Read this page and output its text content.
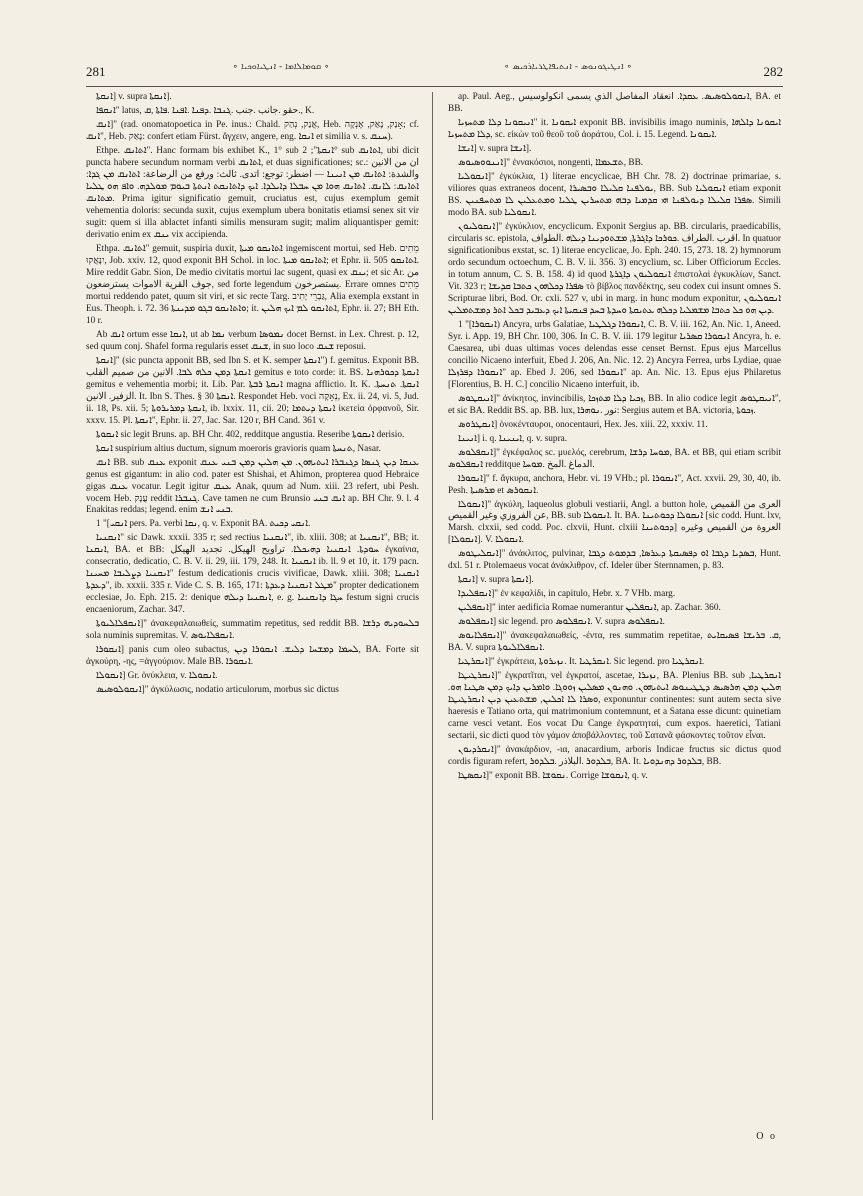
281	∘ ܩܘܡܐܠܐܡܐ - ܐܢܛܝܐܘܟܝܐ ∘	∘ ܐܢܛܝܓܘܢܘܣ - ܐܢܬܝܦܐܛܪܝܐܪܟܝܣ ∘	282

ܐܢܩܬܐ] v. supra ܐܢܩܬܐ].

ܐܢܩܦܐ" latus, حقو .جانب .جنب .ܓܢܒܐ .ܕܦܢܐ .ܐܦܢܐ .ܦܐܬܐ ,ܩ., K.

ܐܢܩ]" (rad. onomatopoetica in Pe. inus.: Chald. אֲנַק, נְהַק, Heb. אָנַק, נָאַק, אֶנְקָה; cf. ܐܢܩ", Heb. נָאַק: confert etiam Fürst. ἄγχειν, angere, eng. ܐܢܩܐ et similia v. s. ܚܢܩ).

Ethpe. ܐܬܐܢܩ". Hanc formam bis exhibet K., 1° sub ܐܢܩܬܐ"; 2° sub ܐܬܐܢܩ, ubi dicit puncta habere secundum normam verbi ܐܬܐܢܩ, et duas significationes; sc.: ان من الانين والشدة: ܐܬܐܢܩ ܡܢ ܐܢܝܢܐ — اضطر: توجع: اتدى. ثالث: ورفع من الرضاعة: ܐܬܐܢܩ ܡܢ ܓܕܐ: ܐܬܐܢܩ: ܠܐܢܩ. ܐܬܐܢܩ ܗܘܐ ܡܢ ܚܒܠܐ ܕܐܝܠܕܐ. ܐܝܟ ܕܐܬܐܢܩܬ ܐܢܬܬܐ ܒܝܘܡ ܡܘܠܕܗ. ܘܐܦ ܗܘ ܛܠܝܐ ܡܬܐܢܩ. Prima igitur significatio gemuit, cruciatus est, cujus exemplum gemit vehementia doloris: secunda suxit, cujus exemplum ubera bonitatis etiamsi senex sit vir sugit: quem si illa ablactet infanti similis mensuram sugit; malim aliquantisper gemit: derivatio enim ex ܝܢܩ vix accipienda.

Ethpa. ܐܬܐܢܩ" gemuit, suspiria duxit, ܐܬܐܢܩܘ ܡܝܬܐ ingemiscent mortui, sed Heb. מֵתִים יִנָּאֲקוּ, Job. xxiv. 12, quod exponit BH Schol. in loc. ܐܬܐܢܩܘ ܡܝܬܐ; et Ephr. ii. 505 ܐܬܐܢܩܘ. Mire reddit Gabr. Sion, De medio civitatis mortui lac sugent, quasi ex ܝܢܩ; et sic Ar. من جوف القرية الاموات يسترضعون, sed forte legendum يستصرخون. Errare omnes מֵתִים mortui reddendo patet, quum sit viri, et sic recte Targ. גַּבְרֵי יָתִיב, Alia exempla exstant in Eus. Theoph. i. 72. 36 ܘܐܬܐܢܩܘ ܒܓܘ ܡܕܝܢܬܐ; it. ܐܬܐܢܩܘ ܠܡ ܐܝܟ ܗܠܝܢ, Ephr. ii. 27; BH Eth. 10 r.

Ab ܐܢܩ ortum esse ܐܢܩܐ, ut ab ܢܡܐ verbum ܢܡܘܣܐ docet Bernst. in Lex. Chrest. p. 12, sed quum conj. Shafel forma regularis esset ܫܢܩ, in suo loco ܫܢܩ reposui.

ܐܢܩܬܐ]" (sic puncta apponit BB, sed Ibn S. et K. semper ܐܢܩܬܐ") f. gemitus. Exponit BB. ܐܢܩܬܐ ܕܡܢ ܟܠܗ ܠܒܐ. الانين من صميم القلب gemitus e toto corde: it. BS. ܐܢܩܬܐ ܕܟܘܪܗܢܐ gemitus e vehementia morbi; it. Lib. Par. ܐܢܩܬܐ ܪܒܬܐ magna afflictio. It. K. ܐܢܩܬܐ. ܬܢܚܬܐ. الزفير. الانين. It. Ibn S. Thes. § 30 ܐܢܩܬܐ. Respondet Heb. voci נְאָקָה, Ex. ii. 24, vi. 5, Jud. ii. 18, Ps. xii. 5; ܐܢܩܬܐ ܕܡܪܝܪܘܬܐ, ib. lxxix. 11, cii. 20; ܐܢܩܬܐ ܕܝܬܡܐ ἱκετεία ὀρφανοῦ, Sir. xxxv. 15. Pl. ܐܢܩܬܐ", Ephr. ii. 27, Jac. Sar. 120 r, BH Cand. 361 v.

ܐܢܩܘܬܐ sic legit Bruns. ap. BH Chr. 402, redditque angustia. Reseribe ܐܢܩܘܬܐ derisio.

ܐܢܩܬܐ suspirium altius ductum, signum moeroris gravioris quam ܬܢܚܬܐ, Nasar.

ܐܢܩ BB. sub ܥܢܩ exponit ܥܢܩܐ ܕܝܢ ܓܢܣܐ ܕܓܢܒܪܐ ܐܝܬܝܗܘܢ. ܡܢ ܗܠܝܢ ܕܡܢ ܒܢܝ ܥܢܩ genus est gigantum: in alio cod. pater est Shishai, et Ahimon, propterea quod Hebraice gigas ܥܢܩ vocatur. Legit igitur ܥܢܩ Anak, quum ad Num. xiii. 23 refert, ubi Pesh. vocem Heb. עֲנָק reddit ܓܢܒܪܐ. Cave tamen ne cum Brunsio ܐܢܩ ܒܢܝ ap. BH Chr. 9. l. 4 Enakitas reddas; legend. enim ܒܢܝ ܐܢܫ.

ܐܢܩܝ]" 1 pers. Pa. verbi ܢܩܐ, q. v. Exponit BA. ܐܢܩܝ ܕܟܝܬ.

ܐܢܩܢܝܐ" sic Dawk. xxxii. 335 r; sed rectius ܐܢܩܢܝܐ", ib. xliii. 308; at ܐܢܩܢܝܐ", BB; it. ܐܢܩܢܐ, BA. et BB: ܚܘܕܬܐ. ܐܢܩܢܝܐ ܕܗܝܟܠܐ. تراويح الهيكل. تجديد الهيكل ἐγκαίνια, consecratio, dedicatio, C. B. V. ii. 29, iii. 179, 248. It. ܐܢܩܢܝܐ ib. ll. 9 et 10, it. 179 pacn. ܐܢܩܢܝܐ ܕܨܠܝܒܐ ܡܚܝܢܐ" festum dedicationis crucis vivificae, Dawk. xliii. 308; ܐܢܩܢܝܐ ܕܥܕܬܐ", ib. xxxii. 335 r. Vide C. S. B. 165, 171: ܡܛܠ ܐܢܩܢܝܐ ܕܥܕܬܐ" propter dedicationem ecclesiae, Jo. Eph. 215. 2: denique ܐܢܩܢܝܐ ܕܝܠܗ, e. g. ܚܓܐ ܕܐܢܩܢܝܐ festum signi crucis encaeniorum, Zachar. 347.

ܐܢܩܦܠܐܠܝܘܬܐ]" ἀνακεφαλαιωθείς, summatim repetitus, sed reddit BB. ܒܠܚܘܕܝܗ ܕܪܫܐ sola numinis supremitas. V. ܐܢܩܦܠܐܝܘܣ.

ܐܢܩܘܪܐ] panis cum oleo subactus, ܠܚܡܐ ܕܡܫܚܐ ܕܠܝܫ. ܐܢܩܘܪܐ ܕܝܢ, BA. Forte sit ἀγκούρη, -ης, =ἀγγούριον. Male BB. ܐܢܩܘܪܐ.

ܐܢܩܘܠܐ] Gr. ὀνύκλεια, v. ܐܢܩܘܠܐ.

ܐܢܩܘܠܘܣܝܣ]" ἀγκύλωσις, nodatio articulorum, morbus sic dictus

ap. Paul. Aeg., ܐܢܩܘܠܘܣܝܣ. ܥܩܕܐ. انعقاد المفاصل الذي يسمى انكولوسيس, BA. et BB.

ܐܢܝܩܘܢܐ ܕܠܐ ܡܬܚܙܝܐ" it. ܐܝܩܘܢܐ exponit BB. invisibilis imago numinis, ܐܝܩܘܢܐ ܕܐܠܗܐ ܕܠܐ ܡܬܚܙܝܐ, sc. εἰκὼν τοῦ θεοῦ τοῦ ἀοράτου, Col. i. 15. Legend. ܐܝܩܘܢܐ.

ܐܢܫܐ] v. supra ܐܢܫܐ].

ܐܢܢܘܘܣܝܘܣ]" ἐννακόσιοι, nongenti, ܬܫܥܡܐܐ, BB.

ܐܢܩܘܠܝܐ]" ἐγκύκλια, 1) literae encyclicae, BH Chr. 78. 2) doctrinae primariae, s. viliores quas extraneos docent, ܝܘܠܦܢܐ ܩܠܝܠܐ ܘܒܣܝܪܐ, BB. Sub ܐܢܩܘܠܝܐ etiam exponit BS. ܣܦܪܐ ܩܠܝܠܐ ܕܝܘܠܦܢܐ ܗܝ ܩܕܡܝܐ ܕܒܗ ܡܬܚܪܝܢ ܛܠܝܐ ܘܡܬܥܠܝܢ ܠܐ ܡܬܚܦܢܝܢ. Simili modo BA. sub ܐܢܩܘܠܝܐ.

ܐܢܩܘܠܝܘܢ]" ἐγκύκλιον, encyclicum. Exponit Sergius ap. BB. circularis, praedicabilis, circularis sc. epistola, اقرب .الطراف .ܟܘܪܟܐ ܕܐܓܪܬܐ, ܡܫܬܘܕܝܢܐ ܕܝܠܗ .الطواف. In quatuor significationibus exstat, sc. 1) literae encyclicae, Jo. Eph. 240. 15, 273. 18. 2) hymnorum ordo secundum octoechum, C. B. V. ii. 356. 3) encyclium, sc. Liber Officiorum Eccles. in totum annum, C. S. B. 158. 4) id quod ܐܢܩܘܠܝܘܢ ܕܐܓܪܬܐ ἐπιστολαὶ ἐγκυκλίων, Sanct. Vit. 323 r; ܣܦܪܐ ܕܟܠܗܘܢ ܟܬܒܐ ܩܕܝܫܐ τὸ βίβλος πανδέκτης, seu codex cui insunt omnes S. Scripturae libri, Bod. Or. cxli. 527 v, ubi in marg. in hunc modum exponitur, ܐܢܩܘܠܝܘܢ ܕܝܢ ܗܘ ܟܠ ܟܬܒܐ ܡܫܡܠܝܐ ܕܟܠܗ ܥܬܝܩܬܐ ܘܚܕܬܐ ܒܚܕ ܦܢܩܝܬܐ ܐܝܟ ܕܥܒܝܕ ܒܟܠ ܐܬܪ ܕܡܫܬܡܠܝܢ.

ܐܢܩܘܪܐ]" 1) Ancyra, urbs Galatiae, ܐܢܩܘܪܐ ܕܓܠܛܝܐ, C. B. V. iii. 162, An. Nic. 1, Aneed. Syr. i. App. 19, BH Chr. 100, 306. In C. B. V. iii. 179 legitur ܐܢܩܘܪܐ ܩܣܪܝܐ Ancyra, h. e. Caesarea, ubi duas ultimas voces delendas esse censet Bernst. Epus ejus Marcellus concilio Nicaeno interfuit, Ebed J. 206, An. Nic. 12. 2) Ancyra Ferrea, urbs Lydiae, quae ܐܢܩܘܪܐ ܕܦܪܙܠܐ" ap. Ebed J. 206, sed ܐܢܩܘܪܐ" ap. An. Nic. 13. Epus ejus Philaretus [Florentius, B. H. C.] concilio Nicaeno interfuit, ib.

ܐܢܝܩܛܘܣ]" ἀνίκητος, invincibilis, ܙܟܝܐ ܕܠܐ ܡܬܙܟܐ, BB. In alio codice legit ܐܢܝܩܛܘܣ", et sic BA. Reddit BS. ap. BB. lux, نور .ܢܘܗܪܐ: Sergius autem et BA. victoria, ܙܟܘܬܐ.

ܐܢܩܛܪܘܣ] ὀνοκένταυροι, onocentauri, Hex. Jes. xiii. 22, xxxiv. 11.

ܐܢܝܢܐ] i. q. ܐܝܢܝܢܐ, q. v. supra.

ܐܢܩܦܠܘܣ]" ἐγκέφαλος sc. μυελός, cerebrum, ܡܘܚܐ ܕܪܫܐ, BA. et BB, qui etiam scribit ܐܢܩܦܠܘܣ redditque الدماغ .المخ .ܡܘܚܐ.

ܐܢܩܘܪܐ]" f. ἄγκυρα, anchora, Hebr. vi. 19 VHb.; pl. ܐܢܩܘܪܐ", Act. xxvii. 29, 30, 40, ib. Pesh. ܡܪܣܝܬܐ et ܐܢܩܘܪܣ.

ܐܢܩܘܠܐ]" ἀγκύλη, laqueolus globuli vestiarii, Angl. a button hole, العرى من القميص عن الفروزي وغير القميص, BB. sub ܐܢܩܘܠܐ. It. BA. ܐܢܩܘܠܐ ܕܟܘܬܝܢܐ [sic codd. Hunt. lxv, Marsh. clxxii, sed codd. Poc. clxvii, Hunt. clxiii ܕܟܘܬܝܢܐ] العروة من القميص وغيره [ܐܢܩܘܠܐ]. V. ܐܢܩܘܠܐ.

ܐܢܩܠܝܛܘܣ]" ἀνάκλιτος, pulvinar, ܒܣܕܝܐ ܕܓܒܐ ܐܘ ܕܦܣܝܩܬܐ ܕܥܪܣܐ, ܒܕܡܘܬ ܕܓܒܐ, Hunt. dxl. 51 r. Ptolemaeus vocat ἀνάκλιθρον, cf. Ideler über Sternnamen, p. 83.

ܐܢܩܬܐ] v. supra ܐܢܩܬܐ].

ܐܢܩܦܠܝܕܐ]" ἐν κεφαλίδι, in capitulo, Hebr. x. 7 VHb. marg.

ܐܢܩܦܠܝܢ]" inter aedificia Romae numerantur ܐܢܩܦܠܝܢ, ap. Zachar. 360.

ܐܢܩܦܠܘܣ] sic legend. pro ܐܢܩܦܠܘܣ. V. supra ܐܢܩܦܠܘܣ.

ܐܢܩܦܠܐܝܘܣ]" ἀνακεφαλαιωθείς, -έντα, res summatim repetitae, ܩ. ܒܪܝܫܐ ܦܣܝܩܐܝܬ, BA. V. supra ܐܢܩܦܠܐܠܝܘܬܐ.

ܐܢܩܪܛܝܐ]" ἐγκράτεια, ܢܙܝܪܘܬܐ. It. ܐܢܩܪܛܝܐ. Sic legend. pro ܐܢܩܪܛܝܐ.

ܐܢܩܪܛܝܛܐ]" ἐγκρατῖται, vel ἐγκρατοί, ascetae, ܢܙܝܪܐ, BA. Plenius BB. sub ܐܢܩܪܛܝܐ, ܗܠܝܢ ܕܡܢ ܗܪܣܝܣ ܕܛܛܝܢܘܣ ܐܝܬܝܗܘܢ. ܘܗܢܘܢ ܡܣܠܝܢ ܙܘܘܓܐ. ܘܐܡܪܝܢ ܕܐܝܟ ܕܡܢ ܣܛܢܐ ܗܘ. ܘܣܪܐ ܠܐ ܐܟܠܝܢ, ܡܫܬܥܝܢ ܕܝܢ ܐܢܩܪܛܝܛܐ, exponuntur continentes: sunt autem secta sive haeresis e Tatiano orta, qui matrimonium contemnunt, et a Satana esse dicunt: quinetiam carne vesci vetant. Eos vocat Du Cange ἐγκρατηταί, cum expos. haeretici, Tatiani sectarii, sic dicti quod τὸν γάμον ἀποβάλλοντες, τοῦ Σατανᾶ φάσκοντες τοῦτον εἶναι.

ܐܢܩܪܕܝܘܢ]" ἀνακάρδιον, -ια, anacardium, arboris Indicae fructus sic dictus quod cordis figuram refert, ܒܠܕܘܪ .البلاذر .ܒܠܕܘܪ, BA. It. ܒܠܕܘܪ ܕܗܢܕܘܝܐ, BB.

ܐܢܩܣܛܐ]" exponit BB. ܢܩܘܫܐ. Corrige ܐܢܩܘܫܐ, q. v.

O o
